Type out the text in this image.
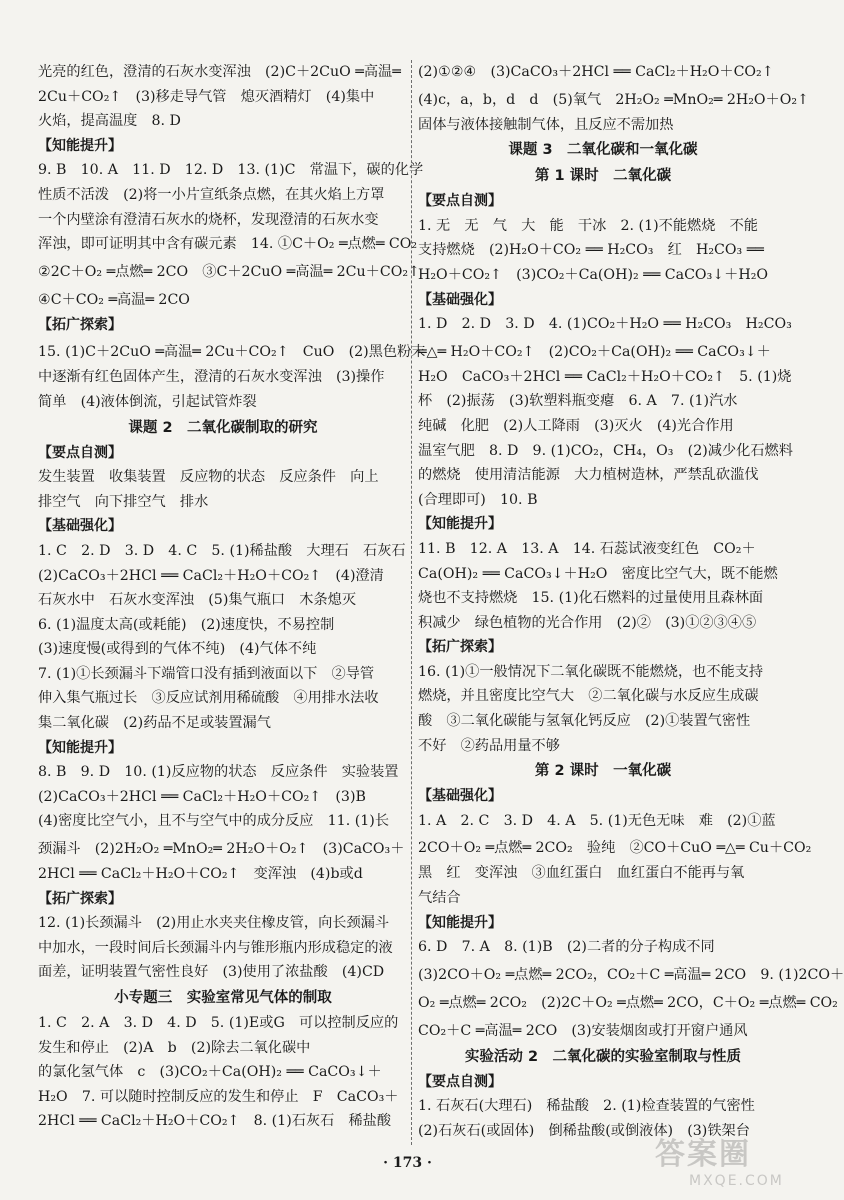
光亮的红色，澄清的石灰水变浑浊　(2)C＋2CuO ═高温═
2Cu＋CO₂↑　(3)移走导气管　熄灭酒精灯　(4)集中
火焰，提高温度　8. D
【知能提升】
9. B　10. A　11. D　12. D　13. (1)C　常温下，碳的化学
性质不活泼　(2)将一小片宣纸条点燃，在其火焰上方罩
一个内壁涂有澄清石灰水的烧杯，发现澄清的石灰水变
浑浊，即可证明其中含有碳元素　14. ①C＋O₂ ═点燃═ CO₂
②2C＋O₂ ═点燃═ 2CO　③C＋2CuO ═高温═ 2Cu＋CO₂↑
④C＋CO₂ ═高温═ 2CO
【拓广探索】
15. (1)C＋2CuO ═高温═ 2Cu＋CO₂↑　CuO　(2)黑色粉末
中逐渐有红色固体产生，澄清的石灰水变浑浊　(3)操作
简单　(4)液体倒流，引起试管炸裂
课题 2　二氧化碳制取的研究
【要点自测】
发生装置　收集装置　反应物的状态　反应条件　向上
排空气　向下排空气　排水
【基础强化】
1. C　2. D　3. D　4. C　5. (1)稀盐酸　大理石　石灰石
(2)CaCO₃＋2HCl ══ CaCl₂＋H₂O＋CO₂↑　(4)澄清
石灰水中　石灰水变浑浊　(5)集气瓶口　木条熄灭
6. (1)温度太高(或耗能)　(2)速度快，不易控制
(3)速度慢(或得到的气体不纯)　(4)气体不纯
7. (1)①长颈漏斗下端管口没有插到液面以下　②导管
伸入集气瓶过长　③反应试剂用稀硫酸　④用排水法收
集二氧化碳　(2)药品不足或装置漏气
【知能提升】
8. B　9. D　10. (1)反应物的状态　反应条件　实验装置
(2)CaCO₃＋2HCl ══ CaCl₂＋H₂O＋CO₂↑　(3)B
(4)密度比空气小，且不与空气中的成分反应　11. (1)长
颈漏斗　(2)2H₂O₂ ═MnO₂═ 2H₂O＋O₂↑　(3)CaCO₃＋
2HCl ══ CaCl₂＋H₂O＋CO₂↑　变浑浊　(4)b或d
【拓广探索】
12. (1)长颈漏斗　(2)用止水夹夹住橡皮管，向长颈漏斗
中加水，一段时间后长颈漏斗内与锥形瓶内形成稳定的液
面差，证明装置气密性良好　(3)使用了浓盐酸　(4)CD
小专题三　实验室常见气体的制取
1. C　2. A　3. D　4. D　5. (1)E或G　可以控制反应的
发生和停止　(2)A　b　(2)除去二氧化碳中
的氯化氢气体　c　(3)CO₂＋Ca(OH)₂ ══ CaCO₃↓＋
H₂O　7. 可以随时控制反应的发生和停止　F　CaCO₃＋
2HCl ══ CaCl₂＋H₂O＋CO₂↑　8. (1)石灰石　稀盐酸
(2)①②④　(3)CaCO₃＋2HCl ══ CaCl₂＋H₂O＋CO₂↑
(4)c，a，b，d　d　(5)氧气　2H₂O₂ ═MnO₂═ 2H₂O＋O₂↑
固体与液体接触制气体，且反应不需加热
课题 3　二氧化碳和一氧化碳
第 1 课时　二氧化碳
【要点自测】
1. 无　无　气　大　能　干冰　2. (1)不能燃烧　不能
支持燃烧　(2)H₂O＋CO₂ ══ H₂CO₃　红　H₂CO₃ ══
H₂O＋CO₂↑　(3)CO₂＋Ca(OH)₂ ══ CaCO₃↓＋H₂O
【基础强化】
1. D　2. D　3. D　4. (1)CO₂＋H₂O ══ H₂CO₃　H₂CO₃
═△═ H₂O＋CO₂↑　(2)CO₂＋Ca(OH)₂ ══ CaCO₃↓＋
H₂O　CaCO₃＋2HCl ══ CaCl₂＋H₂O＋CO₂↑　5. (1)烧
杯　(2)振荡　(3)软塑料瓶变瘪　6. A　7. (1)汽水
纯碱　化肥　(2)人工降雨　(3)灭火　(4)光合作用
温室气肥　8. D　9. (1)CO₂，CH₄，O₃　(2)减少化石燃料
的燃烧　使用清洁能源　大力植树造林，严禁乱砍滥伐
(合理即可)　10. B
【知能提升】
11. B　12. A　13. A　14. 石蕊试液变红色　CO₂＋
Ca(OH)₂ ══ CaCO₃↓＋H₂O　密度比空气大，既不能燃
烧也不支持燃烧　15. (1)化石燃料的过量使用且森林面
积减少　绿色植物的光合作用　(2)②　(3)①②③④⑤
【拓广探索】
16. (1)①一般情况下二氧化碳既不能燃烧，也不能支持
燃烧，并且密度比空气大　②二氧化碳与水反应生成碳
酸　③二氧化碳能与氢氧化钙反应　(2)①装置气密性
不好　②药品用量不够
第 2 课时　一氧化碳
【基础强化】
1. A　2. C　3. D　4. A　5. (1)无色无味　难　(2)①蓝
2CO＋O₂ ═点燃═ 2CO₂　验纯　②CO＋CuO ═△═ Cu＋CO₂
黑　红　变浑浊　③血红蛋白　血红蛋白不能再与氧
气结合
【知能提升】
6. D　7. A　8. (1)B　(2)二者的分子构成不同
(3)2CO＋O₂ ═点燃═ 2CO₂，CO₂＋C ═高温═ 2CO　9. (1)2CO＋
O₂ ═点燃═ 2CO₂　(2)2C＋O₂ ═点燃═ 2CO，C＋O₂ ═点燃═ CO₂
CO₂＋C ═高温═ 2CO　(3)安装烟囱或打开窗户通风
实验活动 2　二氧化碳的实验室制取与性质
【要点自测】
1. 石灰石(大理石)　稀盐酸　2. (1)检查装置的气密性
(2)石灰石(或固体)　倒稀盐酸(或倒液体)　(3)铁架台
· 173 ·	答案圈
MXQE.COM
